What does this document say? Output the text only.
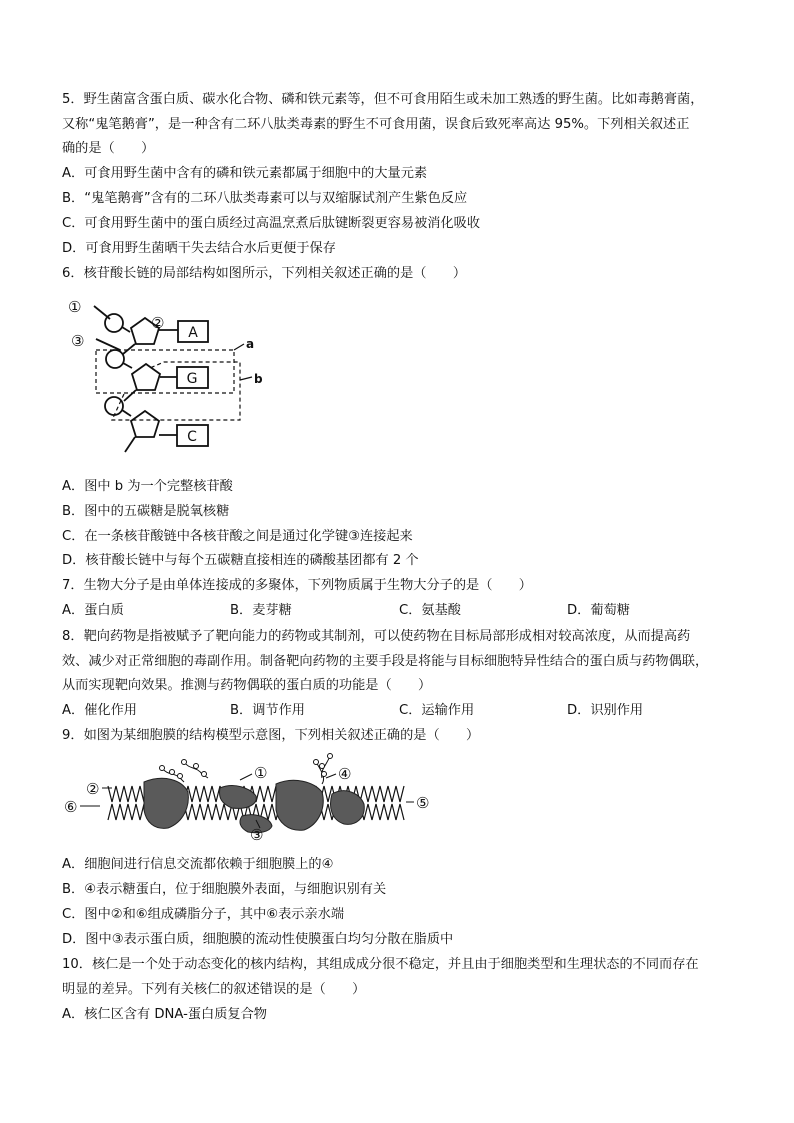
5．野生菌富含蛋白质、碳水化合物、磷和铁元素等，但不可食用陌生或未加工熟透的野生菌。比如毒鹅膏菌，
又称“鬼笔鹅膏”，是一种含有二环八肽类毒素的野生不可食用菌，误食后致死率高达 95%。下列相关叙述正
确的是（　　）
A．可食用野生菌中含有的磷和铁元素都属于细胞中的大量元素
B．“鬼笔鹅膏”含有的二环八肽类毒素可以与双缩脲试剂产生紫色反应
C．可食用野生菌中的蛋白质经过高温烹煮后肽键断裂更容易被消化吸收
D．可食用野生菌晒干失去结合水后更便于保存
6．核苷酸长链的局部结构如图所示，下列相关叙述正确的是（　　）
①
②
③	a
b
A
G
C
A．图中 b 为一个完整核苷酸
B．图中的五碳糖是脱氧核糖
C．在一条核苷酸链中各核苷酸之间是通过化学键③连接起来
D．核苷酸长链中与每个五碳糖直接相连的磷酸基团都有 2 个
7．生物大分子是由单体连接成的多聚体，下列物质属于生物大分子的是（　　）
A．蛋白质	B．麦芽糖	C．氨基酸	D．葡萄糖
8．靶向药物是指被赋予了靶向能力的药物或其制剂，可以使药物在目标局部形成相对较高浓度，从而提高药
效、减少对正常细胞的毒副作用。制备靶向药物的主要手段是将能与目标细胞特异性结合的蛋白质与药物偶联，
从而实现靶向效果。推测与药物偶联的蛋白质的功能是（　　）
A．催化作用	B．调节作用	C．运输作用	D．识别作用
9．如图为某细胞膜的结构模型示意图，下列相关叙述正确的是（　　）
①
②
③
④
⑤
⑥
A．细胞间进行信息交流都依赖于细胞膜上的④
B．④表示糖蛋白，位于细胞膜外表面，与细胞识别有关
C．图中②和⑥组成磷脂分子，其中⑥表示亲水端
D．图中③表示蛋白质，细胞膜的流动性使膜蛋白均匀分散在脂质中
10．核仁是一个处于动态变化的核内结构，其组成成分很不稳定，并且由于细胞类型和生理状态的不同而存在
明显的差异。下列有关核仁的叙述错误的是（　　）
A．核仁区含有 DNA-蛋白质复合物
